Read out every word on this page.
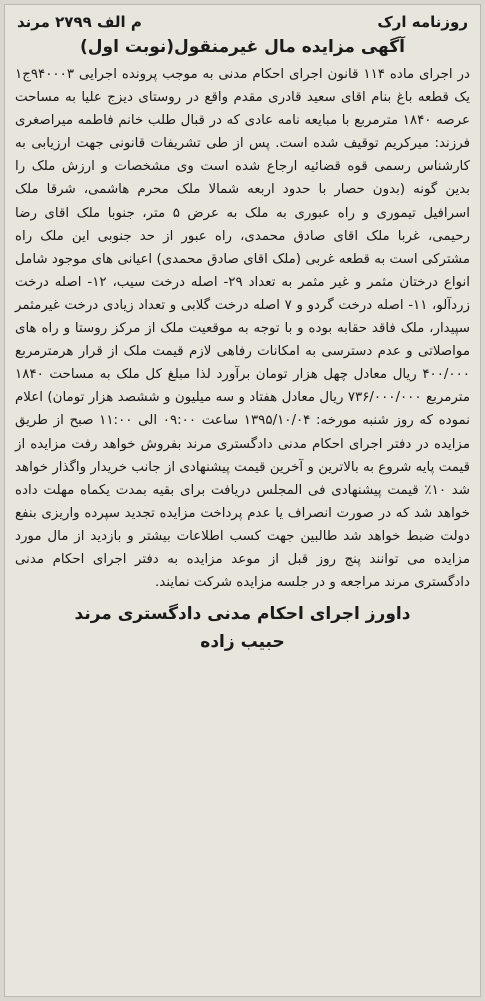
روزنامه ارک
م الف ۲۷۹۹ مرند
آگهی مزایده مال غیرمنقول(نوبت اول)
در اجرای ماده ۱۱۴ قانون اجرای احکام مدنی به موجب پرونده اجرایی ۹۴۰۰۰۳ج۱ یک قطعه باغ بنام اقای سعید قادری مقدم واقع در روستای دیزج علیا به مساحت عرصه ۱۸۴۰ مترمربع با مبایعه نامه عادی که در قبال طلب خانم فاطمه میراصغری فرزند: میرکریم توقیف شده است. پس از طی تشریفات قانونی جهت ارزیابی به کارشناس رسمی قوه قضائیه ارجاع شده است وی مشخصات و ارزش ملک را بدین گونه (بدون حصار با حدود اربعه شمالا ملک محرم هاشمی، شرقا ملک اسرافیل تیموری و راه عبوری به ملک به عرض ۵ متر، جنوبا ملک اقای رضا رحیمی، غربا ملک اقای صادق محمدی، راه عبور از حد جنوبی این ملک راه مشترکی است به قطعه غربی (ملک اقای صادق محمدی) اعیانی های موجود شامل انواع درختان مثمر و غیر مثمر به تعداد ۲۹- اصله درخت سیب، ۱۲- اصله درخت زردآلو، ۱۱- اصله درخت گردو و ۷ اصله درخت گلابی و تعداد زیادی درخت غیرمثمر سپیدار، ملک فاقد حقابه بوده و با توجه به موقعیت ملک از مرکز روستا و راه های مواصلاتی و عدم دسترسی به امکانات رفاهی لازم قیمت ملک از قرار هرمترمربع ۴۰۰/۰۰۰ ریال معادل چهل هزار تومان برآورد لذا مبلغ کل ملک به مساحت ۱۸۴۰ مترمربع ۷۳۶/۰۰۰/۰۰۰ ریال معادل هفتاد و سه میلیون و ششصد هزار تومان) اعلام نموده که روز شنبه مورخه: ۱۳۹۵/۱۰/۰۴ ساعت ۰۹:۰۰ الی ۱۱:۰۰ صبح از طریق مزایده در دفتر اجرای احکام مدنی دادگستری مرند بفروش خواهد رفت مزایده از قیمت پایه شروع به بالاترین و آخرین قیمت پیشنهادی از جانب خریدار واگذار خواهد شد ۱۰٪ قیمت پیشنهادی فی المجلس دریافت برای بقیه بمدت یکماه مهلت داده خواهد شد که در صورت انصراف یا عدم پرداخت مزایده تجدید سپرده واریزی بنفع دولت ضبط خواهد شد طالبین جهت کسب اطلاعات بیشتر و بازدید از مال مورد مزایده می توانند پنج روز قبل از موعد مزایده به دفتر اجرای احکام مدنی دادگستری مرند مراجعه و در جلسه مزایده شرکت نمایند.
داورز اجرای احکام مدنی دادگستری مرند
حبیب زاده
